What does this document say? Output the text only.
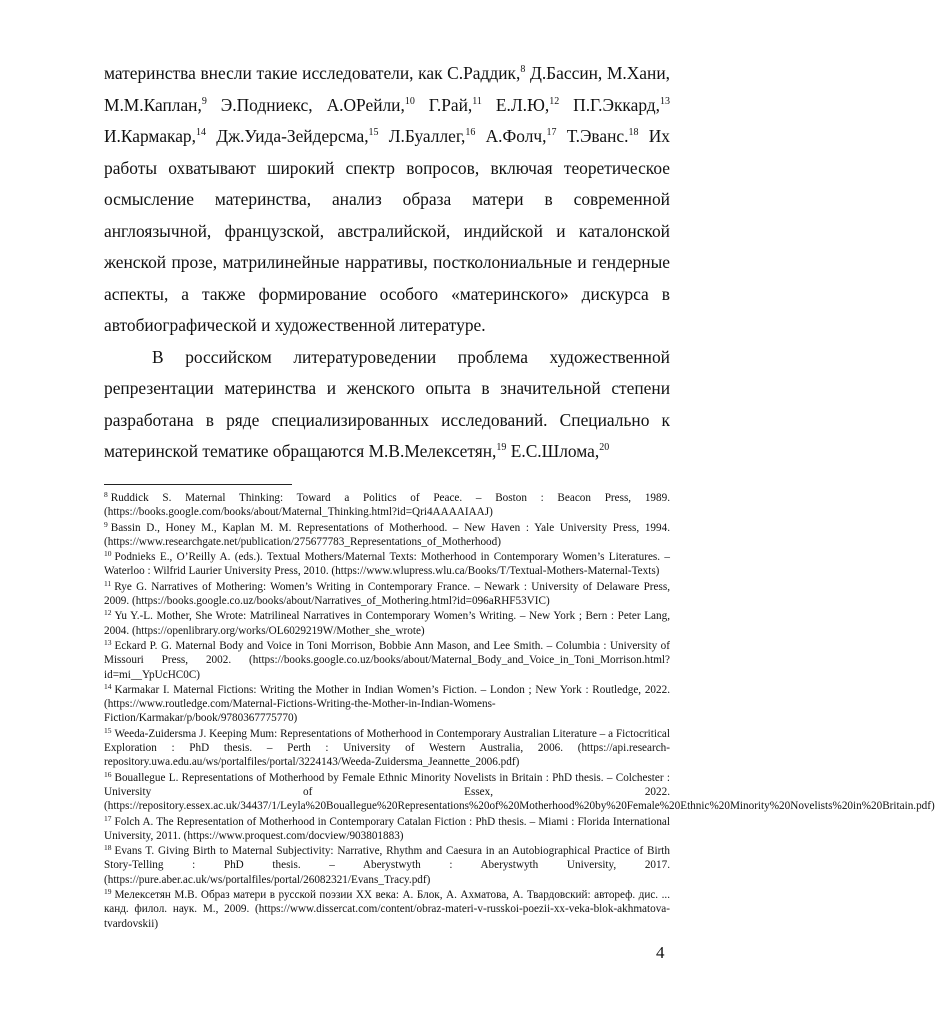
материнства внесли такие исследователи, как С.Раддик,$^8$ Д.Бассин, М.Хани, М.М.Каплан,$^9$ Э.Подниекс, А.ОРейли,$^{10}$ Г.Рай,$^{11}$ Е.Л.Ю,$^{12}$ П.Г.Эккард,$^{13}$ И.Кармакар,$^{14}$ Дж.Уида-Зейдерсма,$^{15}$ Л.Буаллег,$^{16}$ А.Фолч,$^{17}$ Т.Эванс.$^{18}$ Их работы охватывают широкий спектр вопросов, включая теоретическое осмысление материнства, анализ образа матери в современной англоязычной, французской, австралийской, индийской и каталонской женской прозе, матрилинейные нарративы, постколониальные и гендерные аспекты, а также формирование особого «материнского» дискурса в автобиографической и художественной литературе.

В российском литературоведении проблема художественной репрезентации материнства и женского опыта в значительной степени разработана в ряде специализированных исследований. Специально к материнской тематике обращаются М.В.Мелексетян,$^{19}$ Е.С.Шлома,$^{20}$

$^8$ Ruddick S. Maternal Thinking: Toward a Politics of Peace. – Boston : Beacon Press, 1989. (https://books.google.com/books/about/Maternal_Thinking.html?id=Qri4AAAAIAAJ)

$^9$ Bassin D., Honey M., Kaplan M. M. Representations of Motherhood. – New Haven : Yale University Press, 1994. (https://www.researchgate.net/publication/275677783_Representations_of_Motherhood)

$^{10}$ Podnieks E., O’Reilly A. (eds.). Textual Mothers/Maternal Texts: Motherhood in Contemporary Women’s Literatures. – Waterloo : Wilfrid Laurier University Press, 2010. (https://www.wlupress.wlu.ca/Books/T/Textual-Mothers-Maternal-Texts)

$^{11}$ Rye G. Narratives of Mothering: Women’s Writing in Contemporary France. – Newark : University of Delaware Press, 2009. (https://books.google.co.uz/books/about/Narratives_of_Mothering.html?id=096aRHF53VIC)

$^{12}$ Yu Y.-L. Mother, She Wrote: Matrilineal Narratives in Contemporary Women’s Writing. – New York ; Bern : Peter Lang, 2004. (https://openlibrary.org/works/OL6029219W/Mother_she_wrote)

$^{13}$ Eckard P. G. Maternal Body and Voice in Toni Morrison, Bobbie Ann Mason, and Lee Smith. – Columbia : University of Missouri Press, 2002. (https://books.google.co.uz/books/about/Maternal_Body_and_Voice_in_Toni_Morrison.html?id=mi__YpUcHC0C)

$^{14}$ Karmakar I. Maternal Fictions: Writing the Mother in Indian Women’s Fiction. – London ; New York : Routledge, 2022. (https://www.routledge.com/Maternal-Fictions-Writing-the-Mother-in-Indian-Womens-Fiction/Karmakar/p/book/9780367775770)

$^{15}$ Weeda-Zuidersma J. Keeping Mum: Representations of Motherhood in Contemporary Australian Literature – a Fictocritical Exploration : PhD thesis. – Perth : University of Western Australia, 2006. (https://api.research-repository.uwa.edu.au/ws/portalfiles/portal/3224143/Weeda-Zuidersma_Jeannette_2006.pdf)

$^{16}$ Bouallegue L. Representations of Motherhood by Female Ethnic Minority Novelists in Britain : PhD thesis. – Colchester : University of Essex, 2022. (https://repository.essex.ac.uk/34437/1/Leyla%20Bouallegue%20Representations%20of%20Motherhood%20by%20Female%20Ethnic%20Minority%20Novelists%20in%20Britain.pdf)

$^{17}$ Folch A. The Representation of Motherhood in Contemporary Catalan Fiction : PhD thesis. – Miami : Florida International University, 2011. (https://www.proquest.com/docview/903801883)

$^{18}$ Evans T. Giving Birth to Maternal Subjectivity: Narrative, Rhythm and Caesura in an Autobiographical Practice of Birth Story-Telling : PhD thesis. – Aberystwyth : Aberystwyth University, 2017. (https://pure.aber.ac.uk/ws/portalfiles/portal/26082321/Evans_Tracy.pdf)

$^{19}$ Мелексетян М.В. Образ матери в русской поэзии ХХ века: А. Блок, А. Ахматова, А. Твардовский: автореф. дис. ... канд. филол. наук. М., 2009. (https://www.dissercat.com/content/obraz-materi-v-russkoi-poezii-xx-veka-blok-akhmatova-tvardovskii)

4
